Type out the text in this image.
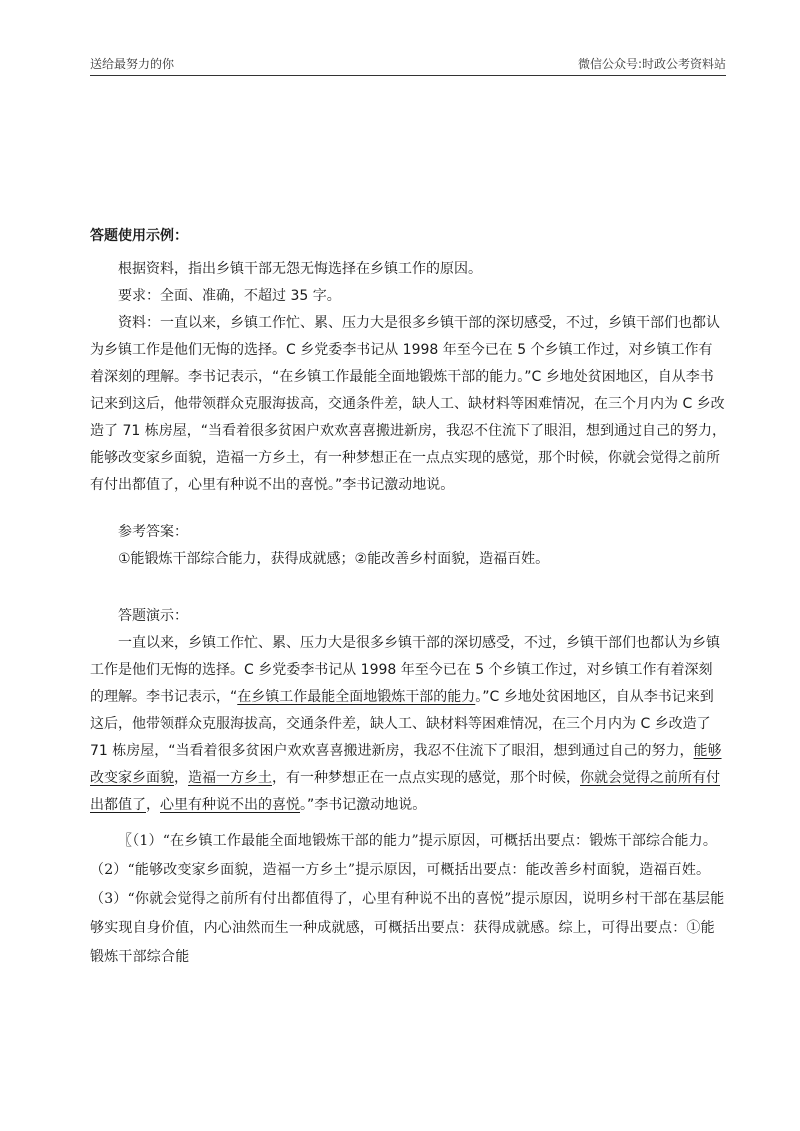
送给最努力的你	微信公众号:时政公考资料站
答题使用示例：

根据资料，指出乡镇干部无怨无悔选择在乡镇工作的原因。

要求：全面、准确，不超过 35 字。

资料：一直以来，乡镇工作忙、累、压力大是很多乡镇干部的深切感受，不过，乡镇干部们也都认为乡镇工作是他们无悔的选择。C 乡党委李书记从 1998 年至今已在 5 个乡镇工作过，对乡镇工作有着深刻的理解。李书记表示，“在乡镇工作最能全面地锻炼干部的能力。”C 乡地处贫困地区，自从李书记来到这后，他带领群众克服海拔高，交通条件差，缺人工、缺材料等困难情况，在三个月内为 C 乡改造了 71 栋房屋，“当看着很多贫困户欢欢喜喜搬进新房，我忍不住流下了眼泪，想到通过自己的努力，能够改变家乡面貌，造福一方乡土，有一种梦想正在一点点实现的感觉，那个时候，你就会觉得之前所有付出都值了，心里有种说不出的喜悦。”李书记激动地说。

参考答案：

①能锻炼干部综合能力，获得成就感；②能改善乡村面貌，造福百姓。

答题演示：

一直以来，乡镇工作忙、累、压力大是很多乡镇干部的深切感受，不过，乡镇干部们也都认为乡镇工作是他们无悔的选择。C 乡党委李书记从 1998 年至今已在 5 个乡镇工作过，对乡镇工作有着深刻的理解。李书记表示，“在乡镇工作最能全面地锻炼干部的能力。”C 乡地处贫困地区，自从李书记来到这后，他带领群众克服海拔高，交通条件差，缺人工、缺材料等困难情况，在三个月内为 C 乡改造了 71 栋房屋，“当看着很多贫困户欢欢喜喜搬进新房，我忍不住流下了眼泪，想到通过自己的努力，能够改变家乡面貌，造福一方乡土，有一种梦想正在一点点实现的感觉，那个时候，你就会觉得之前所有付出都值了，心里有种说不出的喜悦。”李书记激动地说。

〖（1）“在乡镇工作最能全面地锻炼干部的能力”提示原因，可概括出要点：锻炼干部综合能力。（2）“能够改变家乡面貌，造福一方乡土”提示原因，可概括出要点：能改善乡村面貌，造福百姓。（3）“你就会觉得之前所有付出都值得了，心里有种说不出的喜悦”提示原因，说明乡村干部在基层能够实现自身价值，内心油然而生一种成就感，可概括出要点：获得成就感。综上，可得出要点：①能锻炼干部综合能
